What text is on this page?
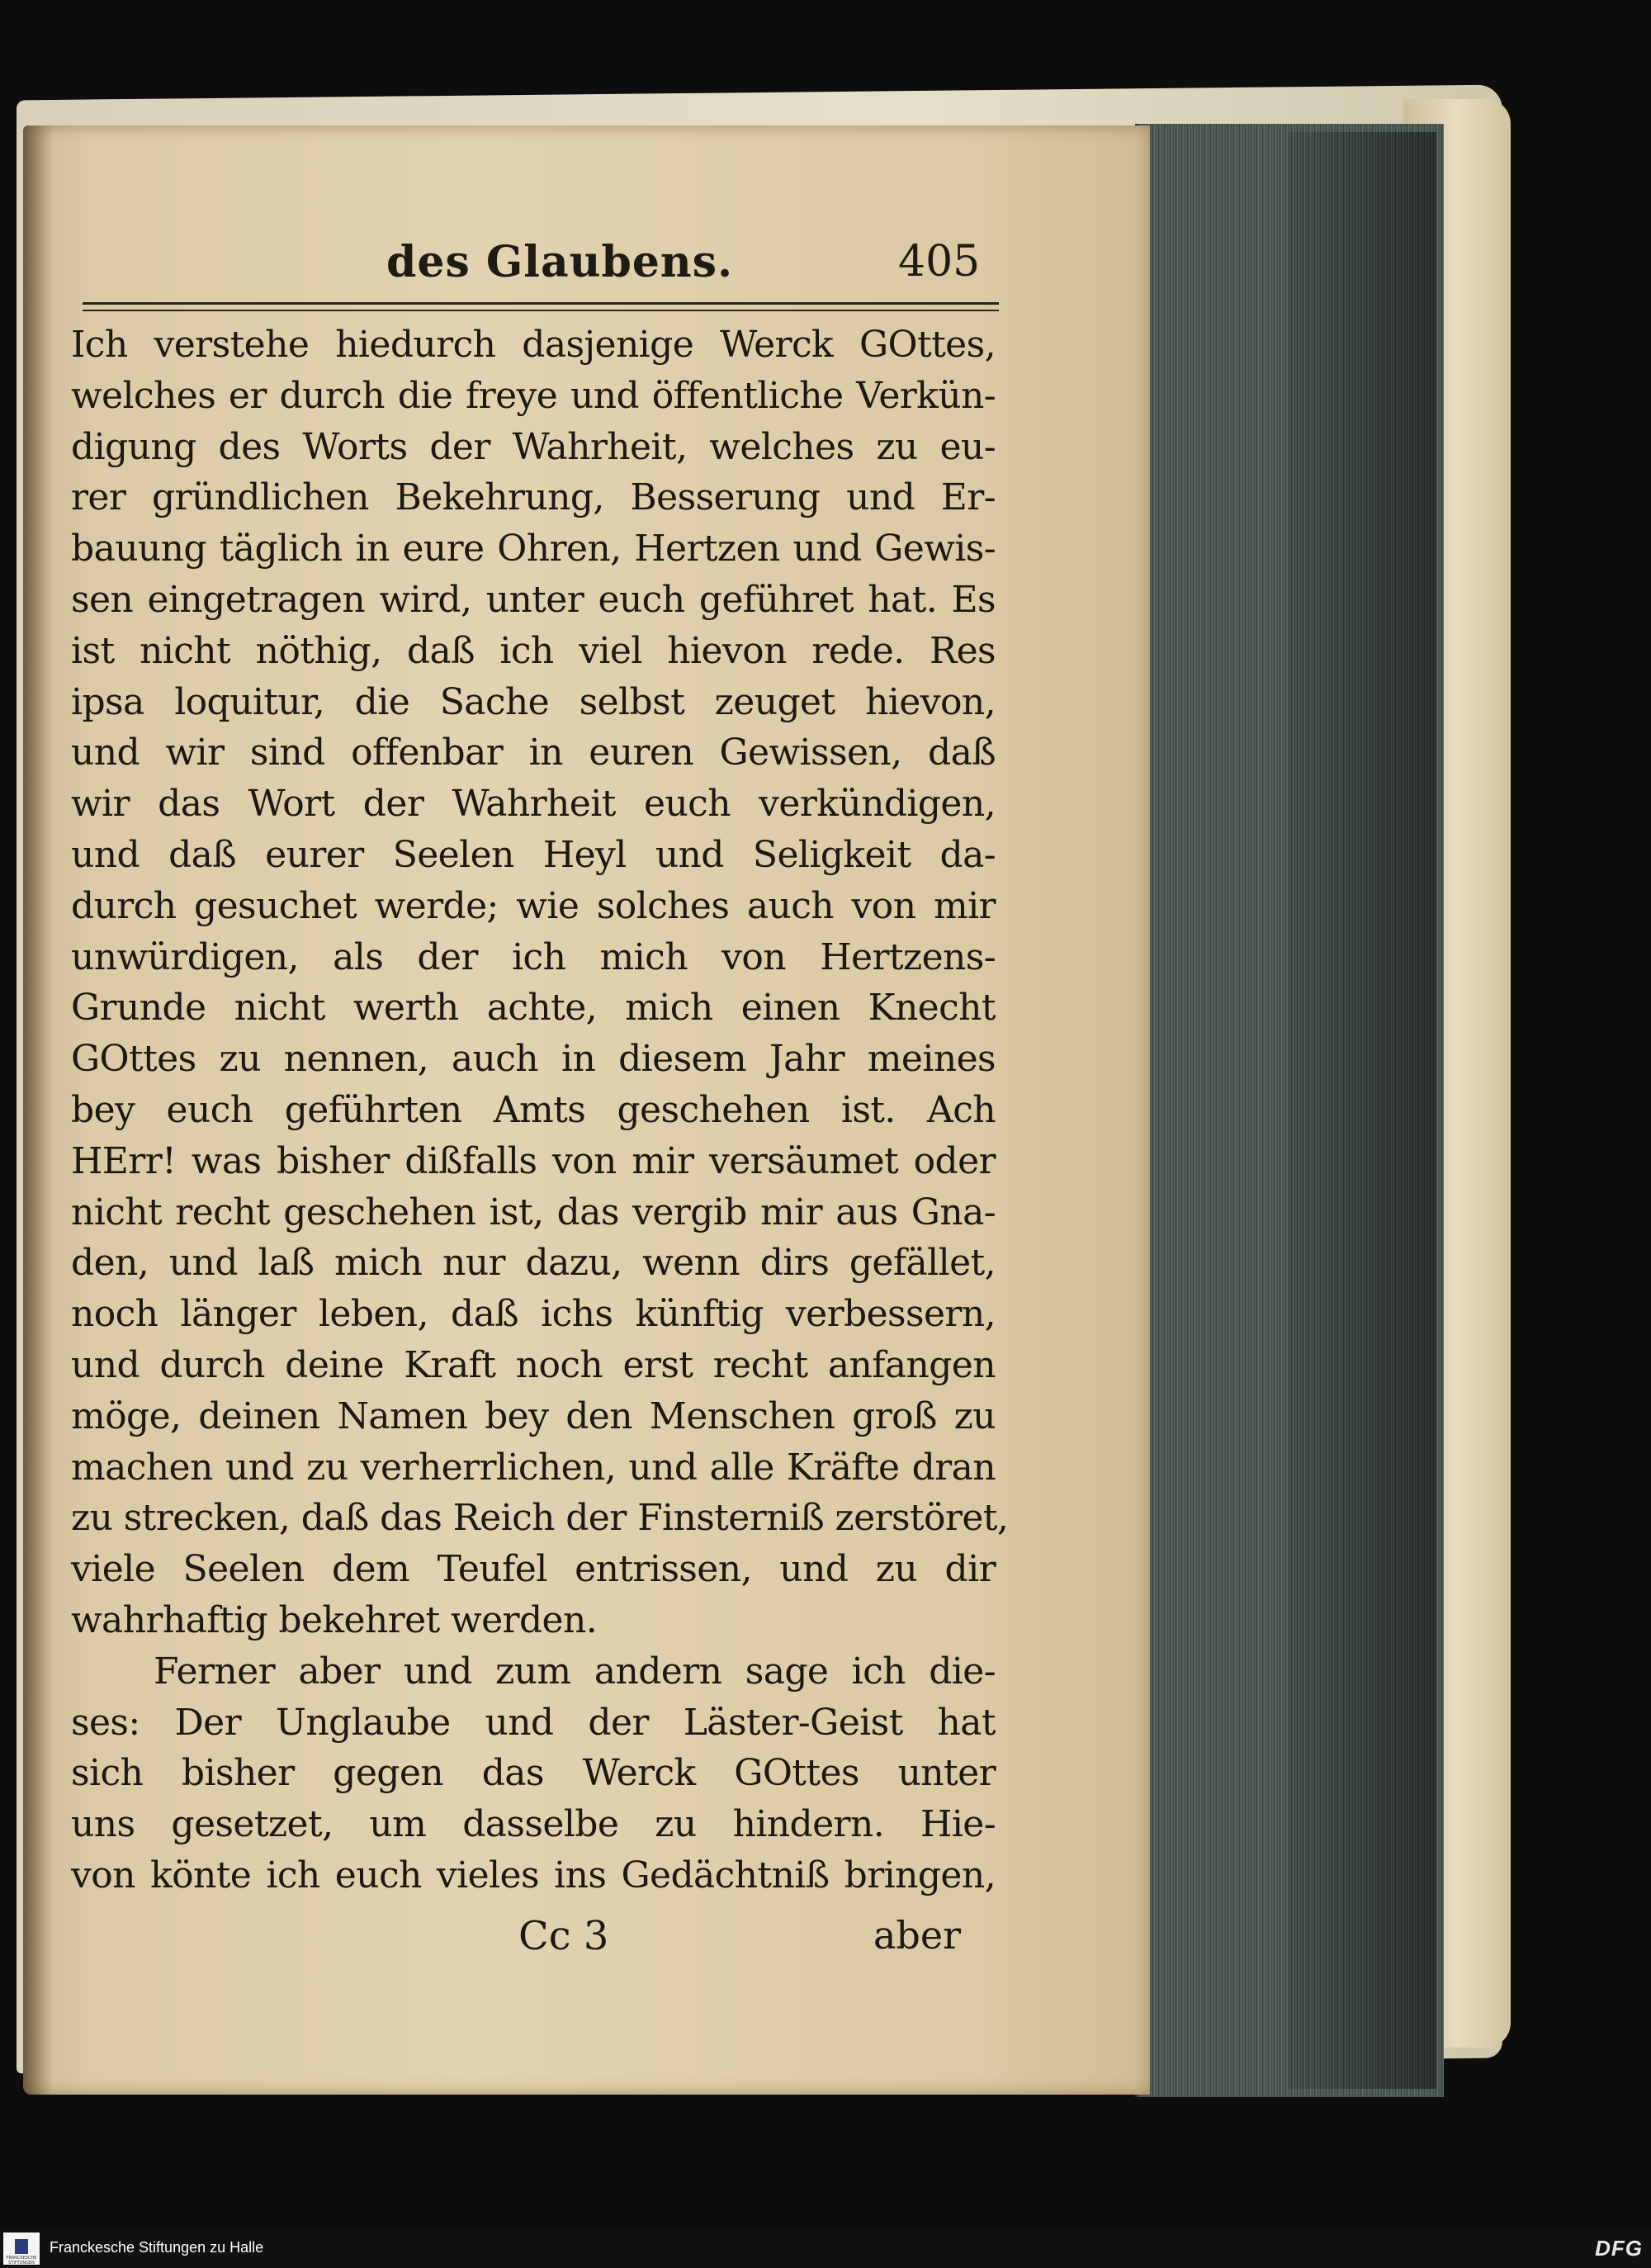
des Glaubens.	405
Ich verstehe hiedurch dasjenige Werck GOttes,
welches er durch die freye und öffentliche Verkün-
digung des Worts der Wahrheit, welches zu eu-
rer gründlichen Bekehrung, Besserung und Er-
bauung täglich in eure Ohren, Hertzen und Gewis-
sen eingetragen wird, unter euch geführet hat. Es
ist nicht nöthig, daß ich viel hievon rede. Res
ipsa loquitur, die Sache selbst zeuget hievon,
und wir sind offenbar in euren Gewissen, daß
wir das Wort der Wahrheit euch verkündigen,
und daß eurer Seelen Heyl und Seligkeit da-
durch gesuchet werde; wie solches auch von mir
unwürdigen, als der ich mich von Hertzens-
Grunde nicht werth achte, mich einen Knecht
GOttes zu nennen, auch in diesem Jahr meines
bey euch geführten Amts geschehen ist. Ach
HErr! was bisher dißfalls von mir versäumet oder
nicht recht geschehen ist, das vergib mir aus Gna-
den, und laß mich nur dazu, wenn dirs gefället,
noch länger leben, daß ichs künftig verbessern,
und durch deine Kraft noch erst recht anfangen
möge, deinen Namen bey den Menschen groß zu
machen und zu verherrlichen, und alle Kräfte dran
zu strecken, daß das Reich der Finsterniß zerstöret,
viele Seelen dem Teufel entrissen, und zu dir
wahrhaftig bekehret werden.
Ferner aber und zum andern sage ich die-
ses: Der Unglaube und der Läster-Geist hat
sich bisher gegen das Werck GOttes unter
uns gesetzet, um dasselbe zu hindern. Hie-
von könte ich euch vieles ins Gedächtniß bringen,
Cc 3	aber
FRANCKESCHE STIFTUNGEN
Franckesche Stiftungen zu Halle	DFG
